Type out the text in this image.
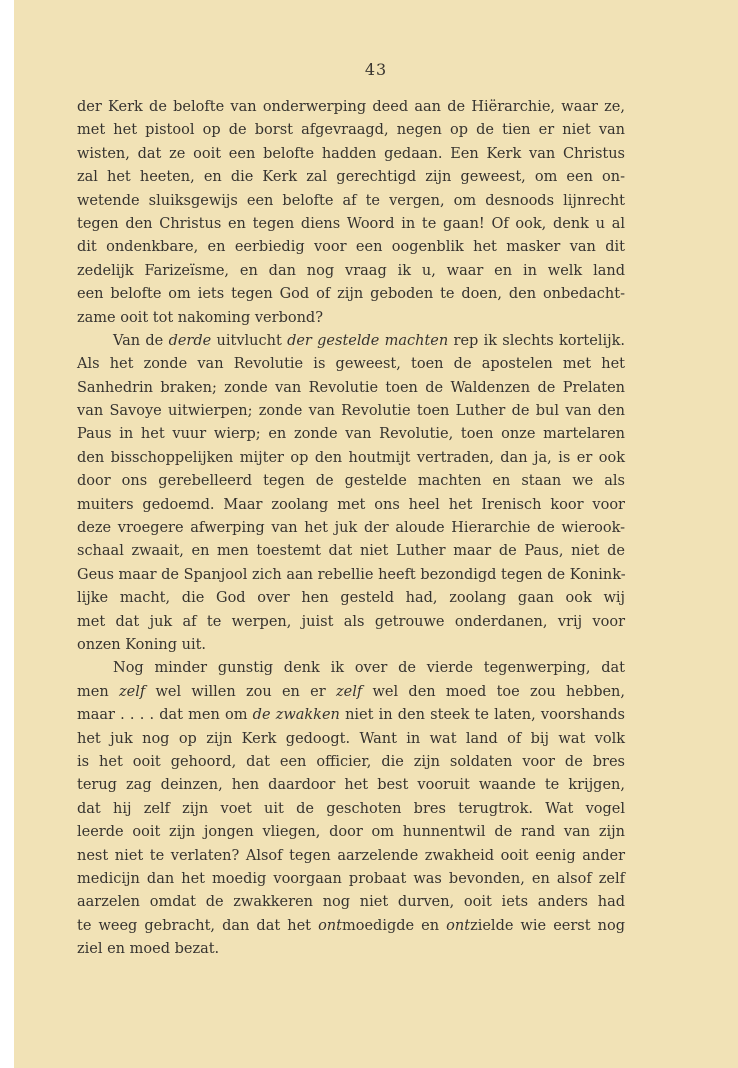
43
der Kerk de belofte van onderwerping deed aan de Hiërarchie, waar ze,
met het pistool op de borst afgevraagd, negen op de tien er niet van
wisten, dat ze ooit een belofte hadden gedaan. Een Kerk van Christus
zal het heeten, en die Kerk zal gerechtigd zijn geweest, om een on-
wetende sluiksgewijs een belofte af te vergen, om desnoods lijnrecht
tegen den Christus en tegen diens Woord in te gaan! Of ook, denk u al
dit ondenkbare, en eerbiedig voor een oogenblik het masker van dit
zedelijk Farizeïsme, en dan nog vraag ik u, waar en in welk land
een belofte om iets tegen God of zijn geboden te doen, den onbedacht-
zame ooit tot nakoming verbond?
Van de derde uitvlucht der gestelde machten rep ik slechts kortelijk.
Als het zonde van Revolutie is geweest, toen de apostelen met het
Sanhedrin braken; zonde van Revolutie toen de Waldenzen de Prelaten
van Savoye uitwierpen; zonde van Revolutie toen Luther de bul van den
Paus in het vuur wierp; en zonde van Revolutie, toen onze martelaren
den bisschoppelijken mijter op den houtmijt vertraden, dan ja, is er ook
door ons gerebelleerd tegen de gestelde machten en staan we als
muiters gedoemd. Maar zoolang met ons heel het Irenisch koor voor
deze vroegere afwerping van het juk der aloude Hierarchie de wierook-
schaal zwaait, en men toestemt dat niet Luther maar de Paus, niet de
Geus maar de Spanjool zich aan rebellie heeft bezondigd tegen de Konink-
lijke macht, die God over hen gesteld had, zoolang gaan ook wij
met dat juk af te werpen, juist als getrouwe onderdanen, vrij voor
onzen Koning uit.
Nog minder gunstig denk ik over de vierde tegenwerping, dat
men zelf wel willen zou en er zelf wel den moed toe zou hebben,
maar . . . . dat men om de zwakken niet in den steek te laten, voorshands
het juk nog op zijn Kerk gedoogt. Want in wat land of bij wat volk
is het ooit gehoord, dat een officier, die zijn soldaten voor de bres
terug zag deinzen, hen daardoor het best vooruit waande te krijgen,
dat hij zelf zijn voet uit de geschoten bres terugtrok. Wat vogel
leerde ooit zijn jongen vliegen, door om hunnentwil de rand van zijn
nest niet te verlaten? Alsof tegen aarzelende zwakheid ooit eenig ander
medicijn dan het moedig voorgaan probaat was bevonden, en alsof zelf
aarzelen omdat de zwakkeren nog niet durven, ooit iets anders had
te weeg gebracht, dan dat het ontmoedigde en ontzielde wie eerst nog
ziel en moed bezat.
